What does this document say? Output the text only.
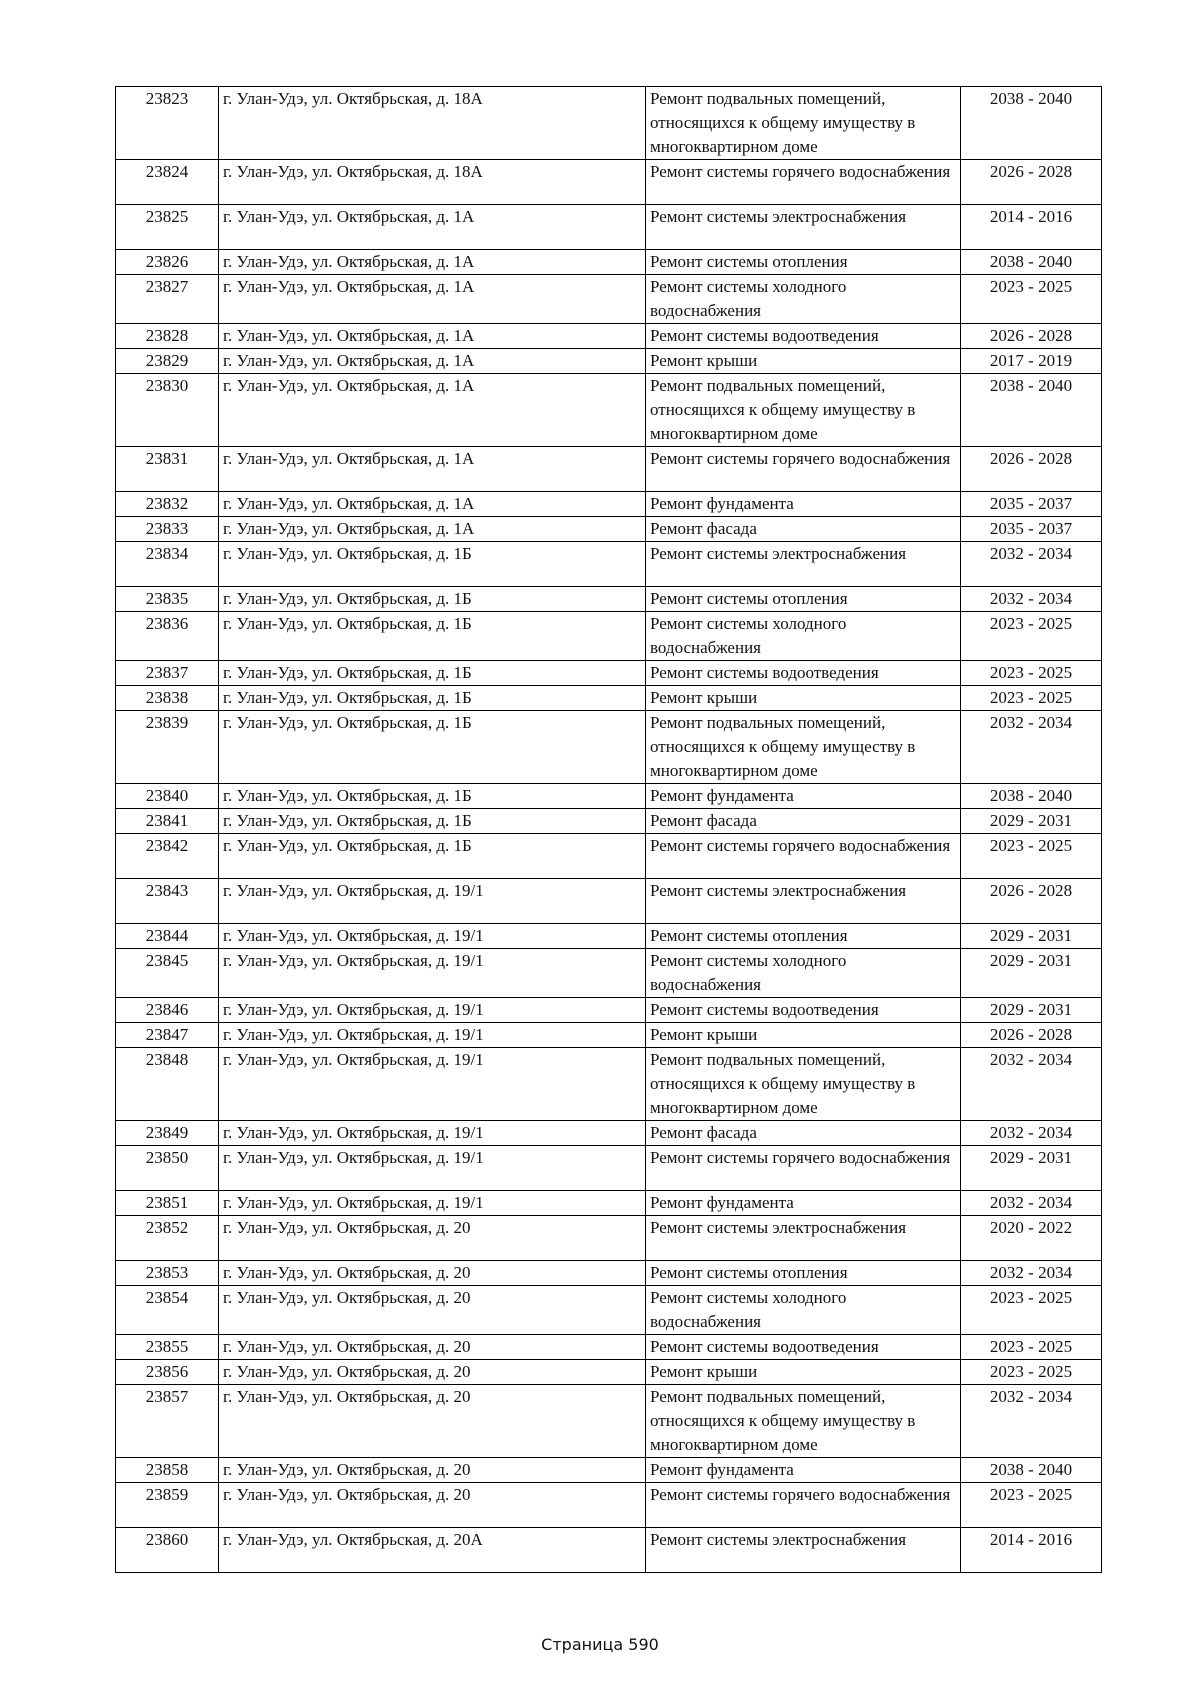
23823	г. Улан-Удэ, ул. Октябрьская, д. 18А	Ремонт подвальных помещений, относящихся к общему имуществу в многоквартирном доме	2038 - 2040
23824	г. Улан-Удэ, ул. Октябрьская, д. 18А	Ремонт системы горячего водоснабжения	2026 - 2028
23825	г. Улан-Удэ, ул. Октябрьская, д. 1А	Ремонт системы электроснабжения	2014 - 2016
23826	г. Улан-Удэ, ул. Октябрьская, д. 1А	Ремонт системы отопления	2038 - 2040
23827	г. Улан-Удэ, ул. Октябрьская, д. 1А	Ремонт системы холодного водоснабжения	2023 - 2025
23828	г. Улан-Удэ, ул. Октябрьская, д. 1А	Ремонт системы водоотведения	2026 - 2028
23829	г. Улан-Удэ, ул. Октябрьская, д. 1А	Ремонт крыши	2017 - 2019
23830	г. Улан-Удэ, ул. Октябрьская, д. 1А	Ремонт подвальных помещений, относящихся к общему имуществу в многоквартирном доме	2038 - 2040
23831	г. Улан-Удэ, ул. Октябрьская, д. 1А	Ремонт системы горячего водоснабжения	2026 - 2028
23832	г. Улан-Удэ, ул. Октябрьская, д. 1А	Ремонт фундамента	2035 - 2037
23833	г. Улан-Удэ, ул. Октябрьская, д. 1А	Ремонт фасада	2035 - 2037
23834	г. Улан-Удэ, ул. Октябрьская, д. 1Б	Ремонт системы электроснабжения	2032 - 2034
23835	г. Улан-Удэ, ул. Октябрьская, д. 1Б	Ремонт системы отопления	2032 - 2034
23836	г. Улан-Удэ, ул. Октябрьская, д. 1Б	Ремонт системы холодного водоснабжения	2023 - 2025
23837	г. Улан-Удэ, ул. Октябрьская, д. 1Б	Ремонт системы водоотведения	2023 - 2025
23838	г. Улан-Удэ, ул. Октябрьская, д. 1Б	Ремонт крыши	2023 - 2025
23839	г. Улан-Удэ, ул. Октябрьская, д. 1Б	Ремонт подвальных помещений, относящихся к общему имуществу в многоквартирном доме	2032 - 2034
23840	г. Улан-Удэ, ул. Октябрьская, д. 1Б	Ремонт фундамента	2038 - 2040
23841	г. Улан-Удэ, ул. Октябрьская, д. 1Б	Ремонт фасада	2029 - 2031
23842	г. Улан-Удэ, ул. Октябрьская, д. 1Б	Ремонт системы горячего водоснабжения	2023 - 2025
23843	г. Улан-Удэ, ул. Октябрьская, д. 19/1	Ремонт системы электроснабжения	2026 - 2028
23844	г. Улан-Удэ, ул. Октябрьская, д. 19/1	Ремонт системы отопления	2029 - 2031
23845	г. Улан-Удэ, ул. Октябрьская, д. 19/1	Ремонт системы холодного водоснабжения	2029 - 2031
23846	г. Улан-Удэ, ул. Октябрьская, д. 19/1	Ремонт системы водоотведения	2029 - 2031
23847	г. Улан-Удэ, ул. Октябрьская, д. 19/1	Ремонт крыши	2026 - 2028
23848	г. Улан-Удэ, ул. Октябрьская, д. 19/1	Ремонт подвальных помещений, относящихся к общему имуществу в многоквартирном доме	2032 - 2034
23849	г. Улан-Удэ, ул. Октябрьская, д. 19/1	Ремонт фасада	2032 - 2034
23850	г. Улан-Удэ, ул. Октябрьская, д. 19/1	Ремонт системы горячего водоснабжения	2029 - 2031
23851	г. Улан-Удэ, ул. Октябрьская, д. 19/1	Ремонт фундамента	2032 - 2034
23852	г. Улан-Удэ, ул. Октябрьская, д. 20	Ремонт системы электроснабжения	2020 - 2022
23853	г. Улан-Удэ, ул. Октябрьская, д. 20	Ремонт системы отопления	2032 - 2034
23854	г. Улан-Удэ, ул. Октябрьская, д. 20	Ремонт системы холодного водоснабжения	2023 - 2025
23855	г. Улан-Удэ, ул. Октябрьская, д. 20	Ремонт системы водоотведения	2023 - 2025
23856	г. Улан-Удэ, ул. Октябрьская, д. 20	Ремонт крыши	2023 - 2025
23857	г. Улан-Удэ, ул. Октябрьская, д. 20	Ремонт подвальных помещений, относящихся к общему имуществу в многоквартирном доме	2032 - 2034
23858	г. Улан-Удэ, ул. Октябрьская, д. 20	Ремонт фундамента	2038 - 2040
23859	г. Улан-Удэ, ул. Октябрьская, д. 20	Ремонт системы горячего водоснабжения	2023 - 2025
23860	г. Улан-Удэ, ул. Октябрьская, д. 20А	Ремонт системы электроснабжения	2014 - 2016
Страница 590
